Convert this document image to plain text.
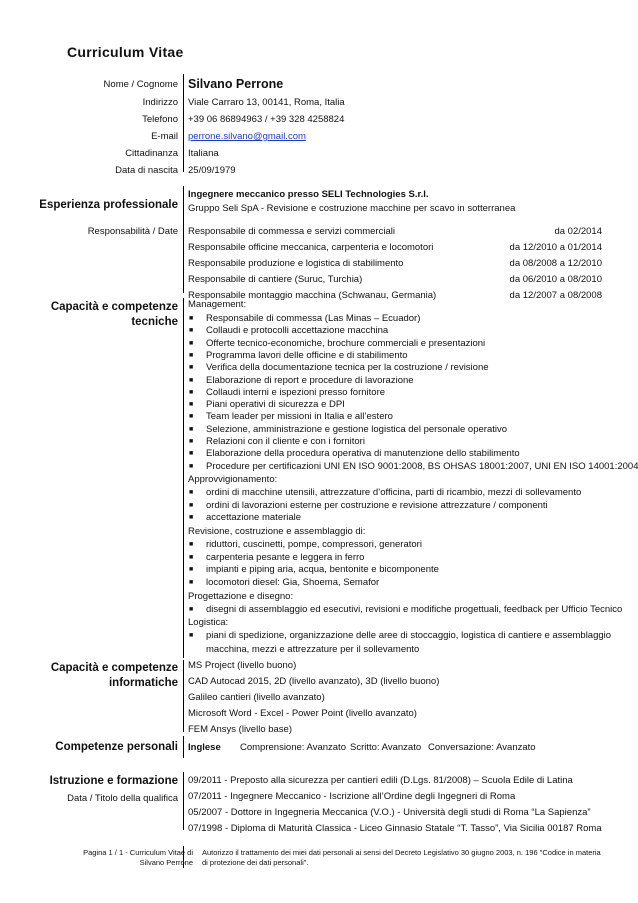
Curriculum Vitae
Nome / Cognome Silvano Perrone
Indirizzo Viale Carraro 13, 00141, Roma, Italia
Telefono +39 06 86894963 / +39 328 4258824
E-mail perrone.silvano@gmail.com
Cittadinanza Italiana
Data di nascita 25/09/1979
Esperienza professionale
Ingegnere meccanico presso SELI Technologies S.r.l.
Gruppo Seli SpA - Revisione e costruzione macchine per scavo in sotterranea
Responsabilità / Date Responsabile di commessa e servizi commerciali	da 02/2014
Responsabile officine meccanica, carpenteria e locomotori	da 12/2010 a 01/2014
Responsabile produzione e logistica di stabilimento	da 08/2008 a 12/2010
Responsabile di cantiere (Suruc, Turchia)	da 06/2010 a 08/2010
Responsabile montaggio macchina (Schwanau, Germania)	da 12/2007 a 08/2008
Capacità e competenze
tecniche
Management:
■ Responsabile di commessa (Las Minas – Ecuador)
■ Collaudi e protocolli accettazione macchina
■ Offerte tecnico-economiche, brochure commerciali e presentazioni
■ Programma lavori delle officine e di stabilimento
■ Verifica della documentazione tecnica per la costruzione / revisione
■ Elaborazione di report e procedure di lavorazione
■ Collaudi interni e ispezioni presso fornitore
■ Piani operativi di sicurezza e DPI
■ Team leader per missioni in Italia e all’estero
■ Selezione, amministrazione e gestione logistica del personale operativo
■ Relazioni con il cliente e con i fornitori
■ Elaborazione della procedura operativa di manutenzione dello stabilimento
■ Procedure per certificazioni UNI EN ISO 9001:2008, BS OHSAS 18001:2007, UNI EN ISO 14001:2004
Approvvigionamento:
■ ordini di macchine utensili, attrezzature d’officina, parti di ricambio, mezzi di sollevamento
■ ordini di lavorazioni esterne per costruzione e revisione attrezzature / componenti
■ accettazione materiale
Revisione, costruzione e assemblaggio di:
■ riduttori, cuscinetti, pompe, compressori, generatori
■ carpenteria pesante e leggera in ferro
■ impianti e piping aria, acqua, bentonite e bicomponente
■ locomotori diesel: Gia, Shoema, Semafor
Progettazione e disegno:
■ disegni di assemblaggio ed esecutivi, revisioni e modifiche progettuali, feedback per Ufficio Tecnico
Logistica:
■ piani di spedizione, organizzazione delle aree di stoccaggio, logistica di cantiere e assemblaggio
macchina, mezzi e attrezzature per il sollevamento
Capacità e competenze
informatiche
MS Project (livello buono)
CAD Autocad 2015, 2D (livello avanzato), 3D (livello buono)
Galileo cantieri (livello avanzato)
Microsoft Word - Excel - Power Point (livello avanzato)
FEM Ansys (livello base)
Competenze personali Inglese Comprensione: Avanzato Scritto: Avanzato Conversazione: Avanzato
Istruzione e formazione
Data / Titolo della qualifica
09/2011 - Preposto alla sicurezza per cantieri edili (D.Lgs. 81/2008) – Scuola Edile di Latina
07/2011 - Ingegnere Meccanico - Iscrizione all’Ordine degli Ingegneri di Roma
05/2007 - Dottore in Ingegneria Meccanica (V.O.) - Università degli studi di Roma “La Sapienza”
07/1998 - Diploma di Maturità Classica - Liceo Ginnasio Statale “T. Tasso”, Via Sicilia 00187 Roma
Pagina 1 / 1 - Curriculum Vitae di Silvano Perrone
Autorizzo il trattamento dei miei dati personali ai sensi del Decreto Legislativo 30 giugno 2003, n. 196 "Codice in materia di protezione dei dati personali".
